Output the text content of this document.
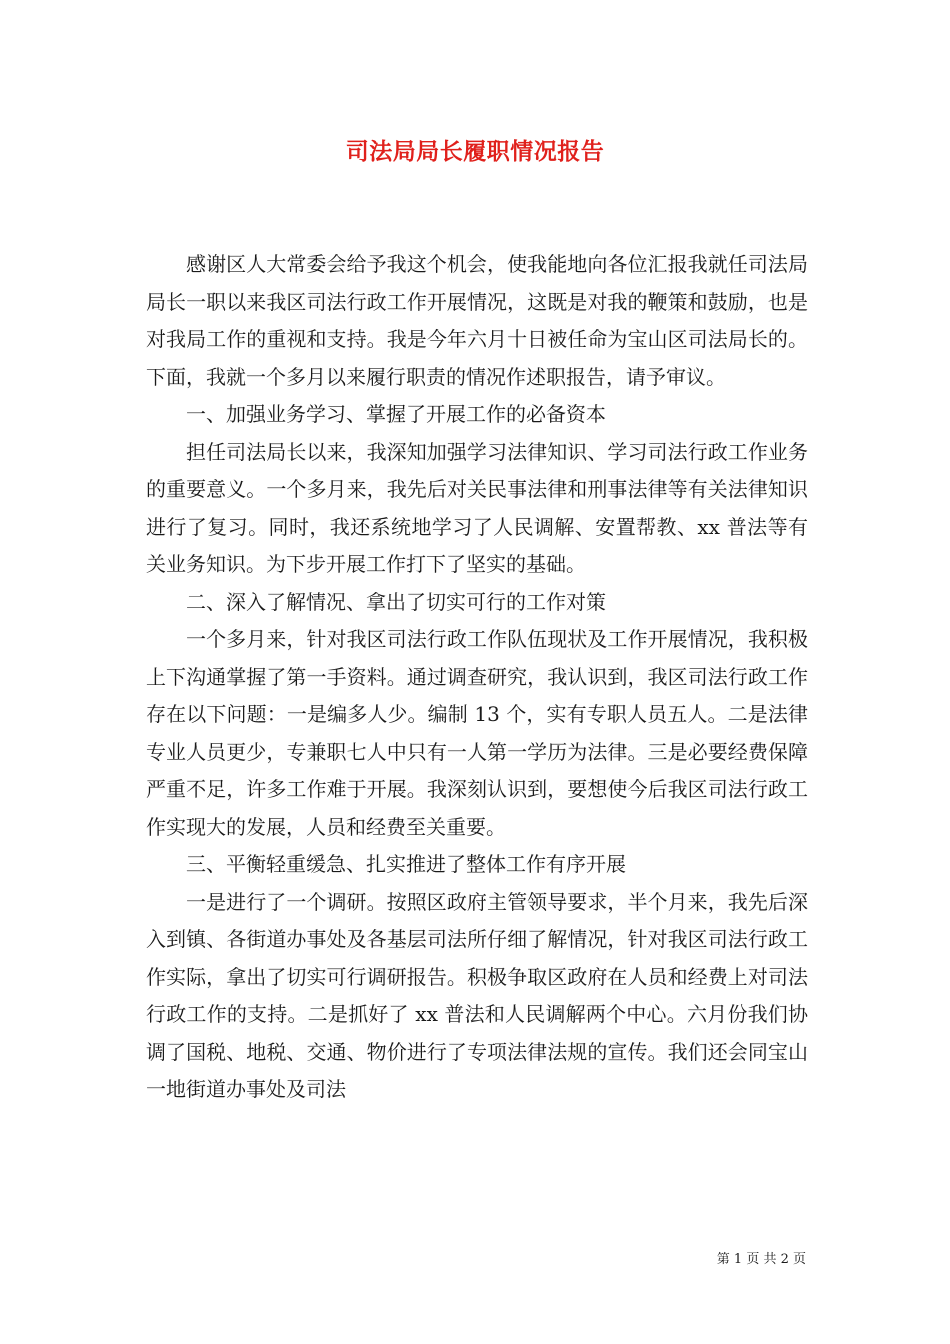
司法局局长履职情况报告

感谢区人大常委会给予我这个机会，使我能地向各位汇报我就任司法局局长一职以来我区司法行政工作开展情况，这既是对我的鞭策和鼓励，也是对我局工作的重视和支持。我是今年六月十日被任命为宝山区司法局长的。下面，我就一个多月以来履行职责的情况作述职报告，请予审议。

一、加强业务学习、掌握了开展工作的必备资本

担任司法局长以来，我深知加强学习法律知识、学习司法行政工作业务的重要意义。一个多月来，我先后对关民事法律和刑事法律等有关法律知识进行了复习。同时，我还系统地学习了人民调解、安置帮教、xx 普法等有关业务知识。为下步开展工作打下了坚实的基础。

二、深入了解情况、拿出了切实可行的工作对策

一个多月来，针对我区司法行政工作队伍现状及工作开展情况，我积极上下沟通掌握了第一手资料。通过调查研究，我认识到，我区司法行政工作存在以下问题：一是编多人少。编制 13 个，实有专职人员五人。二是法律专业人员更少，专兼职七人中只有一人第一学历为法律。三是必要经费保障严重不足，许多工作难于开展。我深刻认识到，要想使今后我区司法行政工作实现大的发展，人员和经费至关重要。

三、平衡轻重缓急、扎实推进了整体工作有序开展

一是进行了一个调研。按照区政府主管领导要求，半个月来，我先后深入到镇、各街道办事处及各基层司法所仔细了解情况，针对我区司法行政工作实际，拿出了切实可行调研报告。积极争取区政府在人员和经费上对司法行政工作的支持。二是抓好了 xx 普法和人民调解两个中心。六月份我们协调了国税、地税、交通、物价进行了专项法律法规的宣传。我们还会同宝山一地街道办事处及司法

第 1 页 共 2 页
